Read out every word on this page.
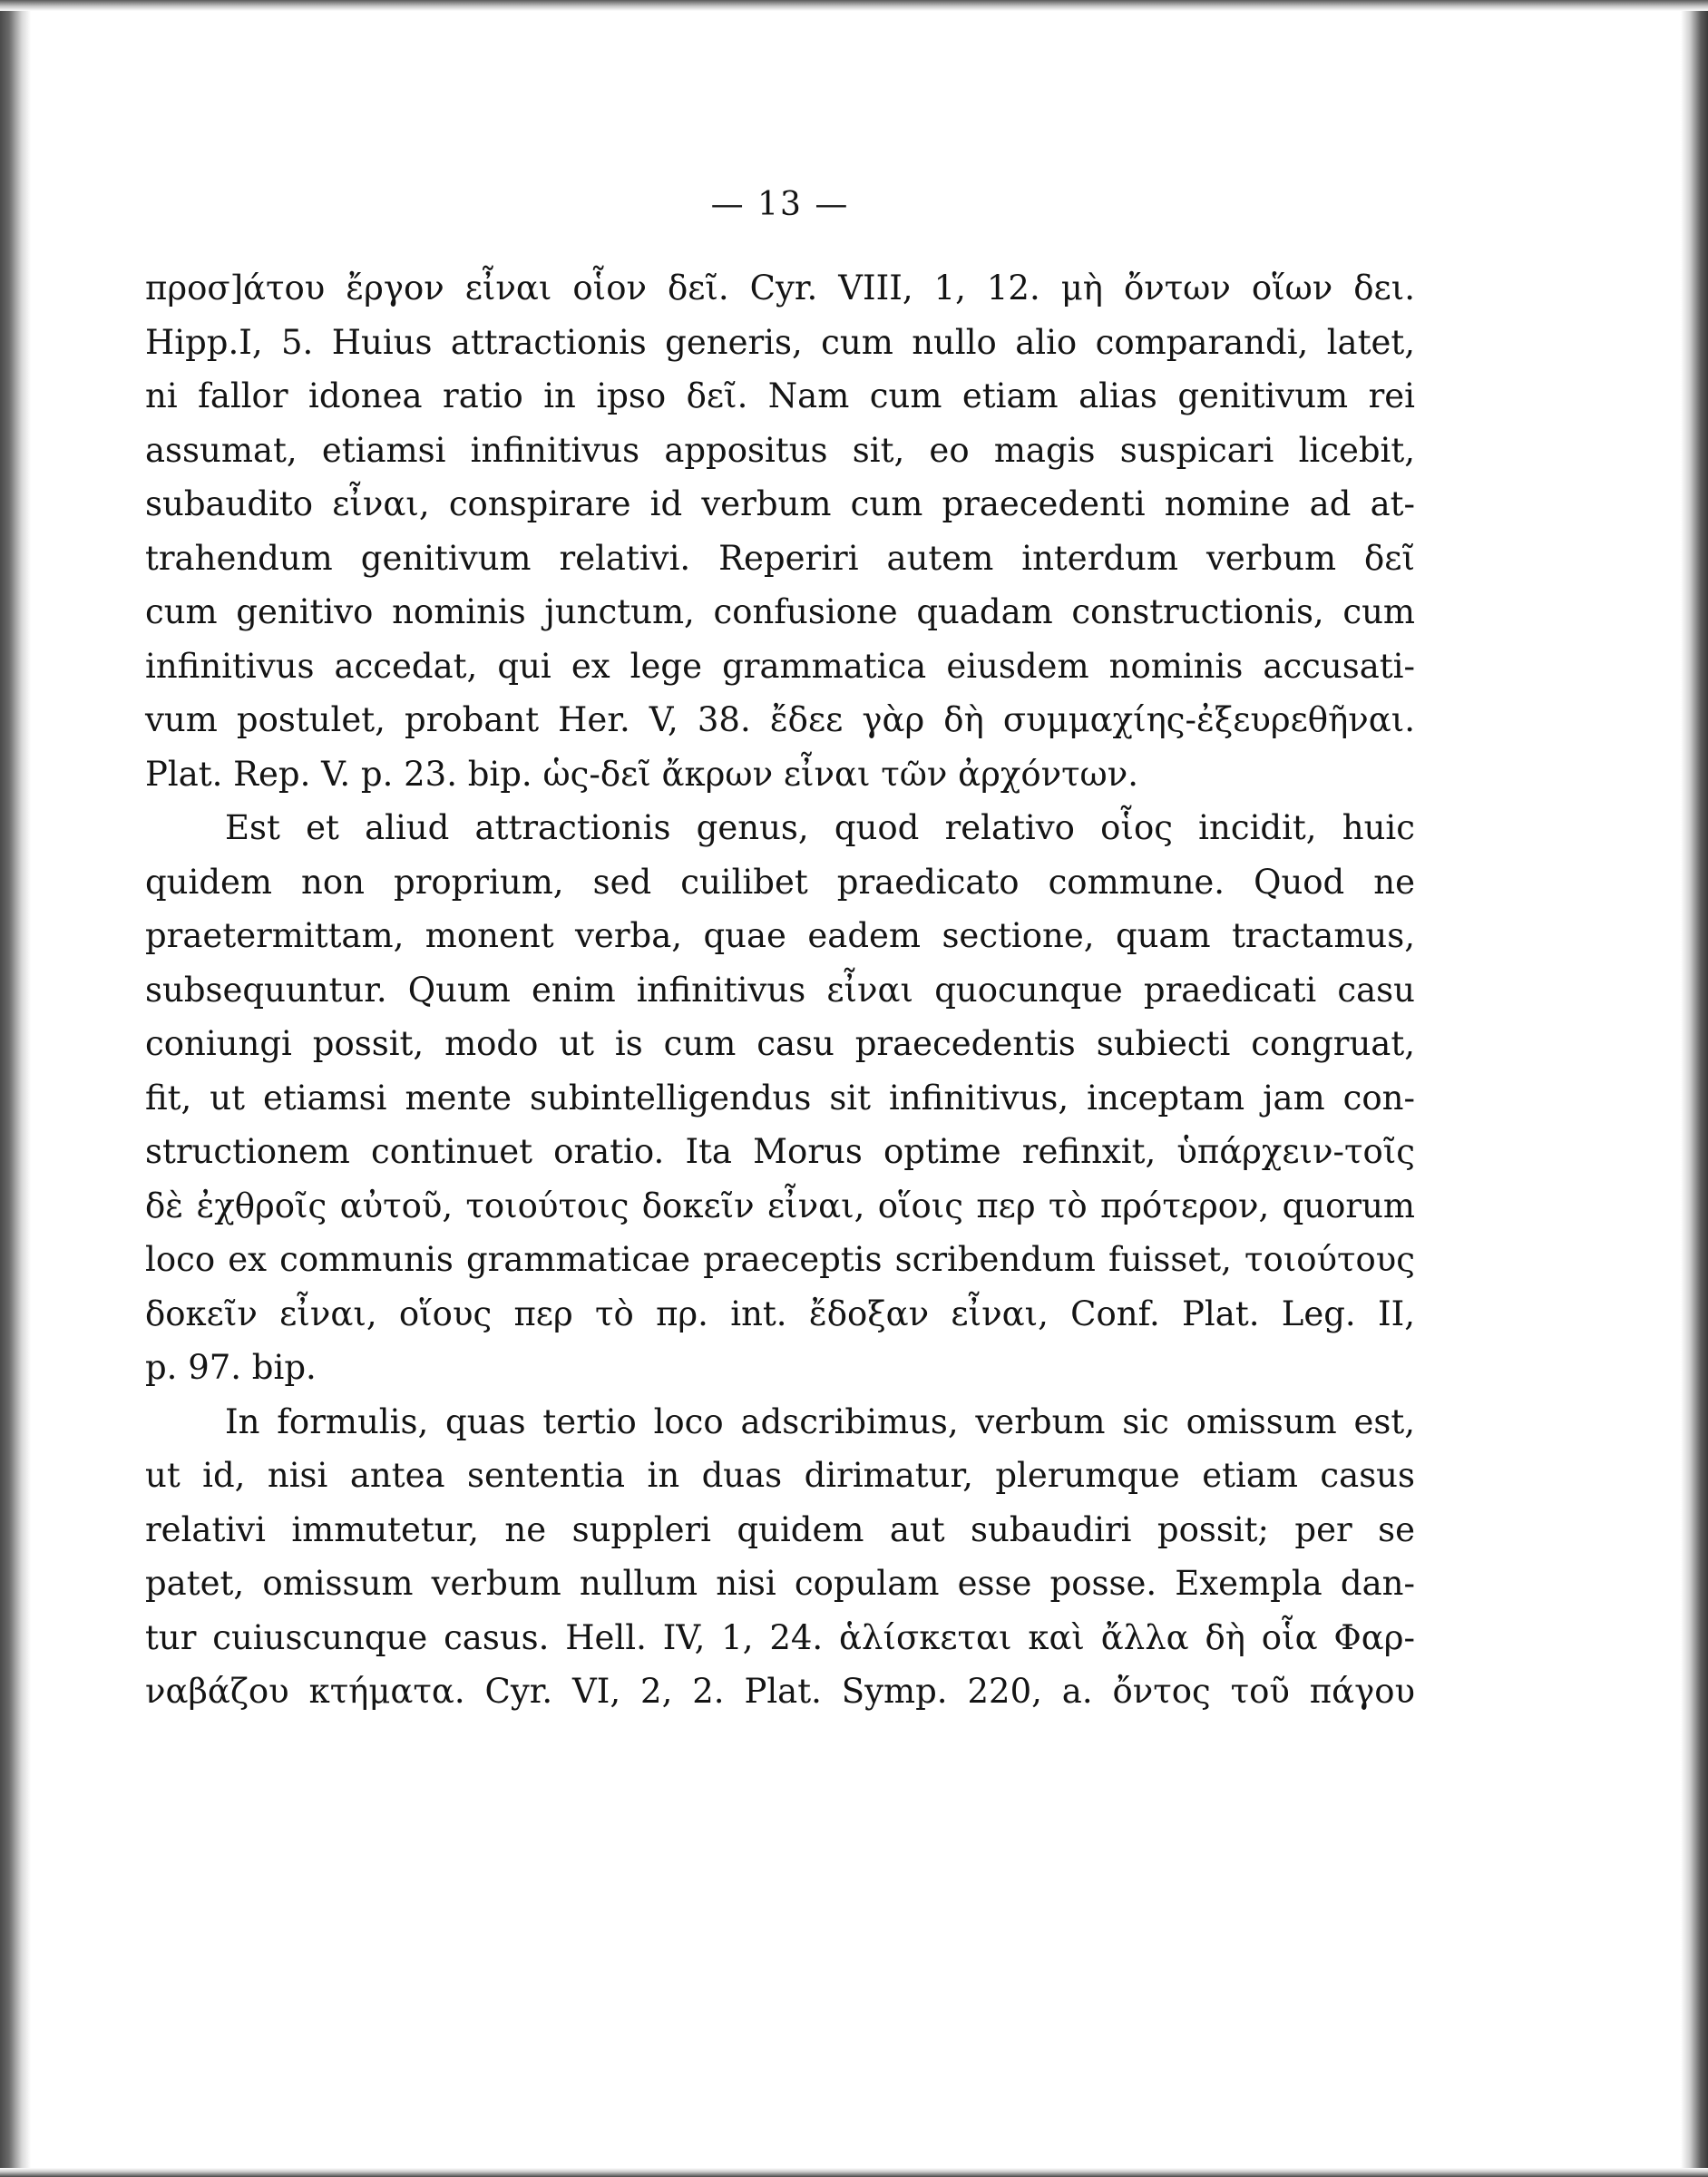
— 13 —
προσ]άτου ἔργον εἶναι οἷον δεῖ. Cyr. VIII, 1, 12. μὴ ὄντων οἵων δει.
Hipp.I, 5. Huius attractionis generis, cum nullo alio comparandi, latet,
ni fallor idonea ratio in ipso δεῖ. Nam cum etiam alias genitivum rei
assumat, etiamsi infinitivus appositus sit, eo magis suspicari licebit,
subaudito εἶναι, conspirare id verbum cum praecedenti nomine ad at-
trahendum genitivum relativi. Reperiri autem interdum verbum δεῖ
cum genitivo nominis junctum, confusione quadam constructionis, cum
infinitivus accedat, qui ex lege grammatica eiusdem nominis accusati-
vum postulet, probant Her. V, 38. ἔδεε γὰρ δὴ συμμαχίης-ἐξευρεθῆναι.
Plat. Rep. V. p. 23. bip. ὡς-δεῖ ἄκρων εἶναι τῶν ἀρχόντων.
Est et aliud attractionis genus, quod relativo οἷος incidit, huic
quidem non proprium, sed cuilibet praedicato commune. Quod ne
praetermittam, monent verba, quae eadem sectione, quam tractamus,
subsequuntur. Quum enim infinitivus εἶναι quocunque praedicati casu
coniungi possit, modo ut is cum casu praecedentis subiecti congruat,
fit, ut etiamsi mente subintelligendus sit infinitivus, inceptam jam con-
structionem continuet oratio. Ita Morus optime refinxit, ὑπάρχειν-τοῖς
δὲ ἐχθροῖς αὐτοῦ, τοιούτοις δοκεῖν εἶναι, οἵοις περ τὸ πρότερον, quorum
loco ex communis grammaticae praeceptis scribendum fuisset, τοιούτους
δοκεῖν εἶναι, οἵους περ τὸ πρ. int. ἔδοξαν εἶναι, Conf. Plat. Leg. II,
p. 97. bip.
In formulis, quas tertio loco adscribimus, verbum sic omissum est,
ut id, nisi antea sententia in duas dirimatur, plerumque etiam casus
relativi immutetur, ne suppleri quidem aut subaudiri possit; per se
patet, omissum verbum nullum nisi copulam esse posse. Exempla dan-
tur cuiuscunque casus. Hell. IV, 1, 24. ἁλίσκεται καὶ ἄλλα δὴ οἷα Φαρ-
ναβάζου κτήματα. Cyr. VI, 2, 2. Plat. Symp. 220, a. ὄντος τοῦ πάγου
